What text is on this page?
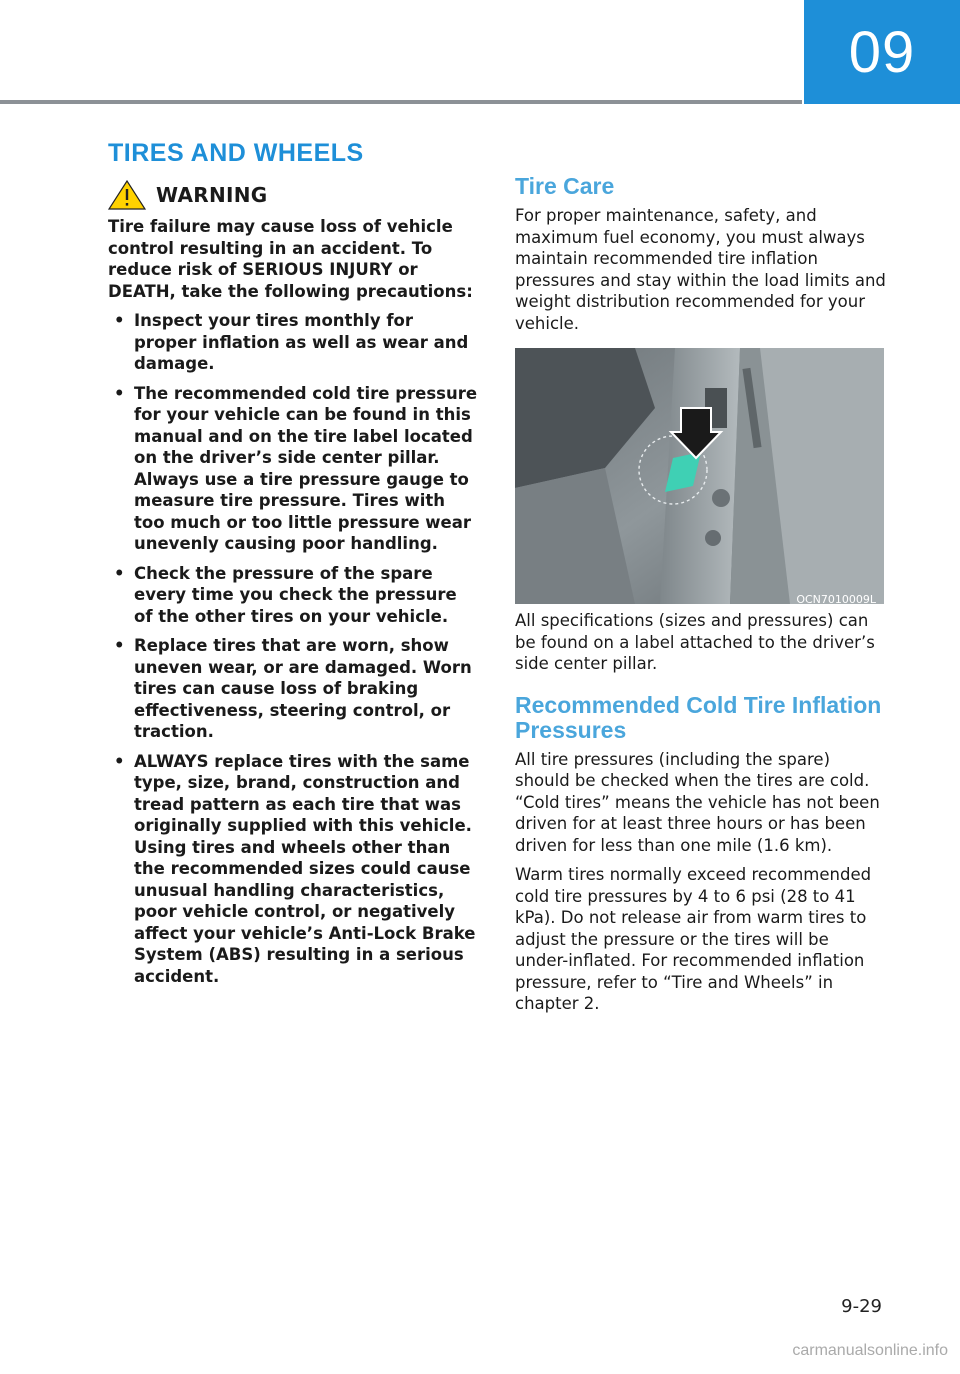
09
TIRES AND WHEELS
WARNING

Tire failure may cause loss of vehicle control resulting in an accident. To reduce risk of SERIOUS INJURY or DEATH, take the following precautions:

• Inspect your tires monthly for proper inflation as well as wear and damage.
• The recommended cold tire pressure for your vehicle can be found in this manual and on the tire label located on the driver’s side center pillar. Always use a tire pressure gauge to measure tire pressure. Tires with too much or too little pressure wear unevenly causing poor handling.
• Check the pressure of the spare every time you check the pressure of the other tires on your vehicle.
• Replace tires that are worn, show uneven wear, or are damaged. Worn tires can cause loss of braking effectiveness, steering control, or traction.
• ALWAYS replace tires with the same type, size, brand, construction and tread pattern as each tire that was originally supplied with this vehicle. Using tires and wheels other than the recommended sizes could cause unusual handling characteristics, poor vehicle control, or negatively affect your vehicle’s Anti-Lock Brake System (ABS) resulting in a serious accident.
Tire Care

For proper maintenance, safety, and maximum fuel economy, you must always maintain recommended tire inflation pressures and stay within the load limits and weight distribution recommended for your vehicle.

OCN7010009L

All specifications (sizes and pressures) can be found on a label attached to the driver’s side center pillar.

Recommended Cold Tire Inflation Pressures

All tire pressures (including the spare) should be checked when the tires are cold. “Cold tires” means the vehicle has not been driven for at least three hours or has been driven for less than one mile (1.6 km).

Warm tires normally exceed recommended cold tire pressures by 4 to 6 psi (28 to 41 kPa). Do not release air from warm tires to adjust the pressure or the tires will be under-inflated. For recommended inflation pressure, refer to “Tire and Wheels” in chapter 2.

9-29
carmanualsonline.info
